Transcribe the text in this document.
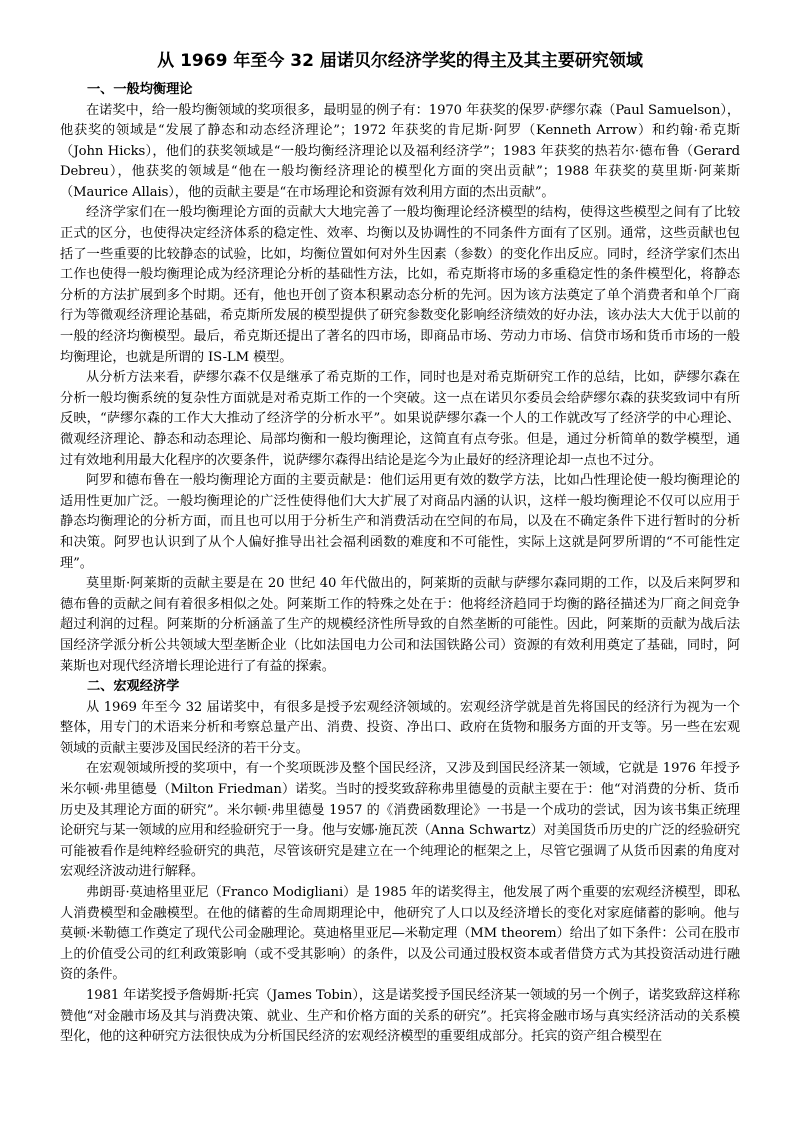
从 1969 年至今 32 届诺贝尔经济学奖的得主及其主要研究领域
一、一般均衡理论

在诺奖中，给一般均衡领域的奖项很多，最明显的例子有：1970 年获奖的保罗·萨缪尔森（Paul Samuelson），他获奖的领域是“发展了静态和动态经济理论”；1972 年获奖的肯尼斯·阿罗（Kenneth Arrow）和约翰·希克斯（John Hicks），他们的获奖领域是“一般均衡经济理论以及福利经济学”；1983 年获奖的热若尔·德布鲁（Gerard Debreu），他获奖的领域是“他在一般均衡经济理论的模型化方面的突出贡献”；1988 年获奖的莫里斯·阿莱斯（Maurice Allais），他的贡献主要是“在市场理论和资源有效利用方面的杰出贡献”。

经济学家们在一般均衡理论方面的贡献大大地完善了一般均衡理论经济模型的结构，使得这些模型之间有了比较正式的区分，也使得决定经济体系的稳定性、效率、均衡以及协调性的不同条件方面有了区别。通常，这些贡献也包括了一些重要的比较静态的试验，比如，均衡位置如何对外生因素（参数）的变化作出反应。同时，经济学家们杰出工作也使得一般均衡理论成为经济理论分析的基础性方法，比如，希克斯将市场的多重稳定性的条件模型化，将静态分析的方法扩展到多个时期。还有，他也开创了资本积累动态分析的先河。因为该方法奠定了单个消费者和单个厂商行为等微观经济理论基础，希克斯所发展的模型提供了研究参数变化影响经济绩效的好办法，该办法大大优于以前的一般的经济均衡模型。最后，希克斯还提出了著名的四市场，即商品市场、劳动力市场、信贷市场和货币市场的一般均衡理论，也就是所谓的 IS-LM 模型。

从分析方法来看，萨缪尔森不仅是继承了希克斯的工作，同时也是对希克斯研究工作的总结，比如，萨缪尔森在分析一般均衡系统的复杂性方面就是对希克斯工作的一个突破。这一点在诺贝尔委员会给萨缪尔森的获奖致词中有所反映，“萨缪尔森的工作大大推动了经济学的分析水平”。如果说萨缪尔森一个人的工作就改写了经济学的中心理论、微观经济理论、静态和动态理论、局部均衡和一般均衡理论，这简直有点夸张。但是，通过分析简单的数学模型，通过有效地利用最大化程序的次要条件，说萨缪尔森得出结论是迄今为止最好的经济理论却一点也不过分。

阿罗和德布鲁在一般均衡理论方面的主要贡献是：他们运用更有效的数学方法，比如凸性理论使一般均衡理论的适用性更加广泛。一般均衡理论的广泛性使得他们大大扩展了对商品内涵的认识，这样一般均衡理论不仅可以应用于静态均衡理论的分析方面，而且也可以用于分析生产和消费活动在空间的布局，以及在不确定条件下进行暂时的分析和决策。阿罗也认识到了从个人偏好推导出社会福利函数的难度和不可能性，实际上这就是阿罗所谓的“不可能性定理”。

莫里斯·阿莱斯的贡献主要是在 20 世纪 40 年代做出的，阿莱斯的贡献与萨缪尔森同期的工作，以及后来阿罗和德布鲁的贡献之间有着很多相似之处。阿莱斯工作的特殊之处在于：他将经济趋同于均衡的路径描述为厂商之间竞争超过利润的过程。阿莱斯的分析涵盖了生产的规模经济性所导致的自然垄断的可能性。因此，阿莱斯的贡献为战后法国经济学派分析公共领域大型垄断企业（比如法国电力公司和法国铁路公司）资源的有效利用奠定了基础，同时，阿莱斯也对现代经济增长理论进行了有益的探索。

二、宏观经济学

从 1969 年至今 32 届诺奖中，有很多是授予宏观经济领域的。宏观经济学就是首先将国民的经济行为视为一个整体，用专门的术语来分析和考察总量产出、消费、投资、净出口、政府在货物和服务方面的开支等。另一些在宏观领域的贡献主要涉及国民经济的若干分支。

在宏观领域所授的奖项中，有一个奖项既涉及整个国民经济，又涉及到国民经济某一领域，它就是 1976 年授予米尔顿·弗里德曼（Milton Friedman）诺奖。当时的授奖致辞称弗里德曼的贡献主要在于：他“对消费的分析、货币历史及其理论方面的研究”。米尔顿·弗里德曼 1957 的《消费函数理论》一书是一个成功的尝试，因为该书集正统理论研究与某一领域的应用和经验研究于一身。他与安娜·施瓦茨（Anna Schwartz）对美国货币历史的广泛的经验研究可能被看作是纯粹经验研究的典范，尽管该研究是建立在一个纯理论的框架之上，尽管它强调了从货币因素的角度对宏观经济波动进行解释。

弗朗哥·莫迪格里亚尼（Franco Modigliani）是 1985 年的诺奖得主，他发展了两个重要的宏观经济模型，即私人消费模型和金融模型。在他的储蓄的生命周期理论中，他研究了人口以及经济增长的变化对家庭储蓄的影响。他与莫顿·米勒德工作奠定了现代公司金融理论。莫迪格里亚尼—米勒定理（MM theorem）给出了如下条件：公司在股市上的价值受公司的红利政策影响（或不受其影响）的条件，以及公司通过股权资本或者借贷方式为其投资活动进行融资的条件。

1981 年诺奖授予詹姆斯·托宾（James Tobin），这是诺奖授予国民经济某一领域的另一个例子，诺奖致辞这样称赞他“对金融市场及其与消费决策、就业、生产和价格方面的关系的研究”。托宾将金融市场与真实经济活动的关系模型化，他的这种研究方法很快成为分析国民经济的宏观经济模型的重要组成部分。托宾的资产组合模型在
